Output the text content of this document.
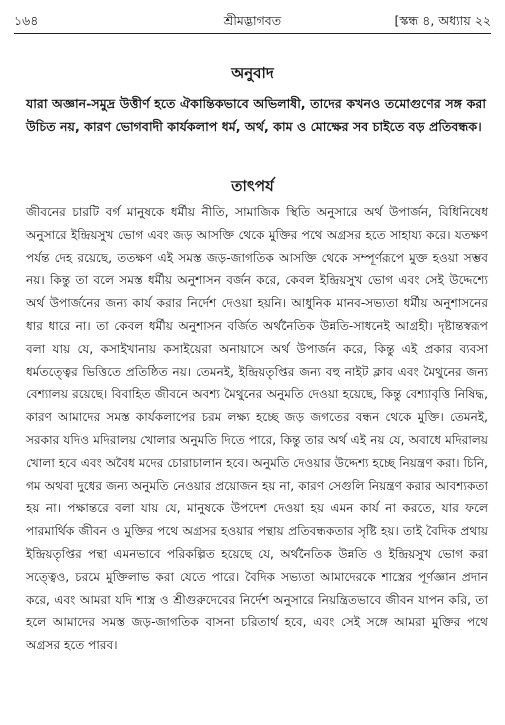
১৬৪	শ্রীমদ্ভাগবত	[স্কন্ধ ৪, অধ্যায় ২২
অনুবাদ

যারা অজ্ঞান-সমুদ্র উত্তীর্ণ হতে ঐকান্তিকভাবে অভিলাষী, তাদের কখনও তমোগুণের সঙ্গ করা উচিত নয়, কারণ ভোগবাদী কার্যকলাপ ধর্ম, অর্থ, কাম ও মোক্ষের সব চাইতে বড় প্রতিবন্ধক।

তাৎপর্য

জীবনের চারটি বর্গ মানুষকে ধর্মীয় নীতি, সামাজিক স্থিতি অনুসারে অর্থ উপার্জন, বিধিনিষেধ অনুসারে ইন্দ্রিয়সুখ ভোগ এবং জড় আসক্তি থেকে মুক্তির পথে অগ্রসর হতে সাহায্য করে। যতক্ষণ পর্যন্ত দেহ রয়েছে, ততক্ষণ এই সমস্ত জড়-জাগতিক আসক্তি থেকে সম্পূর্ণরূপে মুক্ত হওয়া সম্ভব নয়। কিন্তু তা বলে সমস্ত ধর্মীয় অনুশাসন বর্জন করে, কেবল ইন্দ্রিয়সুখ ভোগ এবং সেই উদ্দেশ্যে অর্থ উপার্জনের জন্য কার্য করার নির্দেশ দেওয়া হয়নি। আধুনিক মানব-সভ্যতা ধর্মীয় অনুশাসনের ধার ধারে না। তা কেবল ধর্মীয় অনুশাসন বর্জিত অর্থনৈতিক উন্নতি-সাধনেই আগ্রহী। দৃষ্টান্তস্বরূপ বলা যায় যে, কসাইখানায় কসাইয়েরা অনায়াসে অর্থ উপার্জন করে, কিন্তু এই প্রকার ব্যবসা ধর্মতত্ত্বের ভিত্তিতে প্রতিষ্ঠিত নয়। তেমনই, ইন্দ্রিয়তৃপ্তির জন্য বহু নাইট ক্লাব এবং মৈথুনের জন্য বেশ্যালয় রয়েছে। বিবাহিত জীবনে অবশ্য মৈথুনের অনুমতি দেওয়া হয়েছে, কিন্তু বেশ্যাবৃত্তি নিষিদ্ধ, কারণ আমাদের সমস্ত কার্যকলাপের চরম লক্ষ্য হচ্ছে জড় জগতের বন্ধন থেকে মুক্তি। তেমনই, সরকার যদিও মদিরালয় খোলার অনুমতি দিতে পারে, কিন্তু তার অর্থ এই নয় যে, অবাধে মদিরালয় খোলা হবে এবং অবৈধ মদের চোরাচালান হবে। অনুমতি দেওয়ার উদ্দেশ্য হচ্ছে নিয়ন্ত্রণ করা। চিনি, গম অথবা দুধের জন্য অনুমতি নেওয়ার প্রয়োজন হয় না, কারণ সেগুলি নিয়ন্ত্রণ করার আবশ্যকতা হয় না। পক্ষান্তরে বলা যায় যে, মানুষকে উপদেশ দেওয়া হয় এমন কার্য না করতে, যার ফলে পারমার্থিক জীবন ও মুক্তির পথে অগ্রসর হওয়ার পন্থায় প্রতিবন্ধকতার সৃষ্টি হয়। তাই বৈদিক প্রথায় ইন্দ্রিয়তৃপ্তির পন্থা এমনভাবে পরিকল্পিত হয়েছে যে, অর্থনৈতিক উন্নতি ও ইন্দ্রিয়সুখ ভোগ করা সত্ত্বেও, চরমে মুক্তিলাভ করা যেতে পারে। বৈদিক সভ্যতা আমাদেরকে শাস্ত্রের পূর্ণজ্ঞান প্রদান করে, এবং আমরা যদি শাস্ত্র ও শ্রীগুরুদেবের নির্দেশ অনুসারে নিয়ন্ত্রিতভাবে জীবন যাপন করি, তা হলে আমাদের সমস্ত জড়-জাগতিক বাসনা চরিতার্থ হবে, এবং সেই সঙ্গে আমরা মুক্তির পথে অগ্রসর হতে পারব।
